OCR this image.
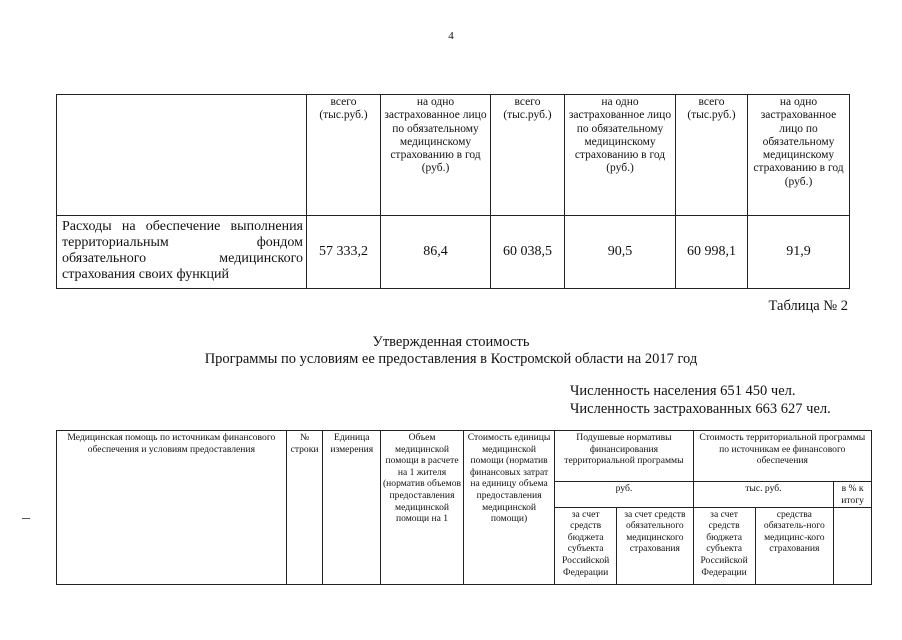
4
	всего (тыс.руб.)	на одно застрахованное лицо по обязательному медицинскому страхованию в год (руб.)	всего (тыс.руб.)	на одно застрахованное лицо по обязательному медицинскому страхованию в год (руб.)	всего (тыс.руб.)	на одно застрахованное лицо по обязательному медицинскому страхованию в год (руб.)
Расходы на обеспечение выполнения территориальным фондом обязательного медицинского страхования своих функций	57 333,2	86,4	60 038,5	90,5	60 998,1	91,9
Таблица № 2
Утвержденная стоимость
Программы по условиям ее предоставления в Костромской области на 2017 год
Численность населения 651 450 чел.
Численность застрахованных 663 627 чел.
Медицинская помощь по источникам финансового обеспечения и условиям предоставления	№ строки	Единица измерения	Объем медицинской помощи в расчете на 1 жителя (норматив объемов предоставления медицинской помощи на 1	Стоимость единицы медицинской помощи (норматив финансовых затрат на единицу объема предоставления медицинской помощи)	Подушевые нормативы финансирования территориальной программы		Стоимость территориальной программы по источникам ее финансового обеспечения		
					руб.		тыс. руб.		в % к итогу
					за счет средств бюджета субъекта Российской Федерации	за счет средств обязательного медицинского страхования	за счет средств бюджета субъекта Российской Федерации	средства обязатель-ного медицинс-кого страхования	
